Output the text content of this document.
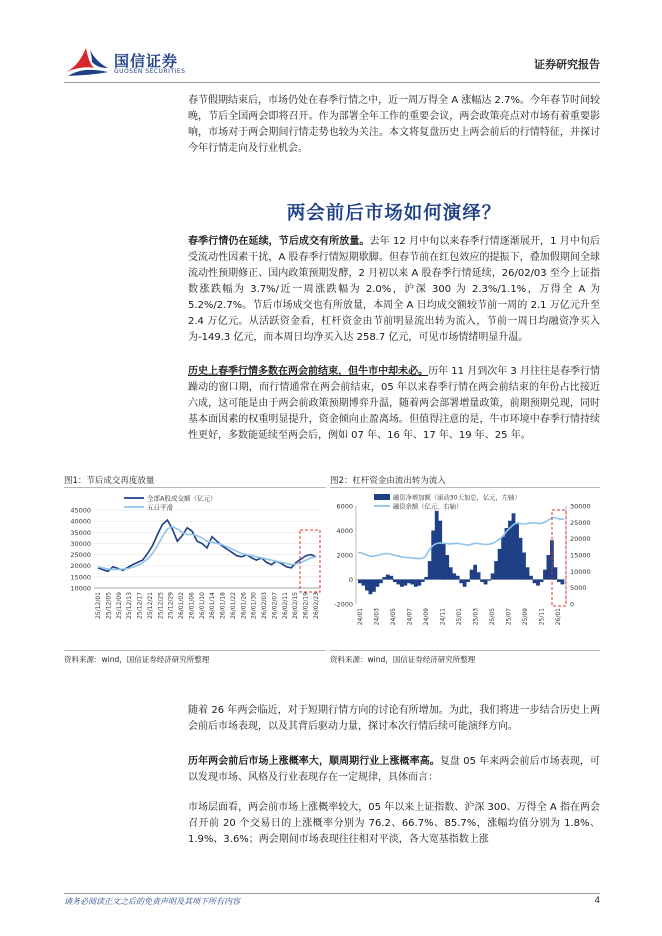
国信证券
GUOSEN SECURITIES
证券研究报告
春节假期结束后，市场仍处在春季行情之中，近一周万得全 A 涨幅达 2.7%。今年春节时间较晚，节后全国两会即将召开。作为部署全年工作的重要会议，两会政策亮点对市场有着重要影响，市场对于两会期间行情走势也较为关注。本文将复盘历史上两会前后的行情特征，并探讨今年行情走向及行业机会。
两会前后市场如何演绎？
春季行情仍在延续，节后成交有所放量。去年 12 月中旬以来春季行情逐渐展开，1 月中旬后受流动性因素干扰，A 股春季行情短期歇脚。但春节前在红包效应的提振下，叠加假期间全球流动性预期修正、国内政策预期发酵，2 月初以来 A 股春季行情延续，26/02/03 至今上证指数涨跌幅为 3.7%/近一周涨跌幅为 2.0%，沪深 300 为 2.3%/1.1%，万得全 A 为 5.2%/2.7%。节后市场成交也有所放量，本周全 A 日均成交额较节前一周的 2.1 万亿元升至 2.4 万亿元。从活跃资金看，杠杆资金由节前明显流出转为流入，节前一周日均融资净买入为-149.3 亿元，而本周日均净买入达 258.7 亿元，可见市场情绪明显升温。
历史上春季行情多数在两会前结束，但牛市中却未必。历年 11 月到次年 3 月往往是春季行情躁动的窗口期，而行情通常在两会前结束，05 年以来春季行情在两会前结束的年份占比接近六成，这可能是由于两会前政策预期博弈升温，随着两会部署增量政策，前期预期兑现，同时基本面因素的权重明显提升，资金倾向止盈离场。但值得注意的是，牛市环境中春季行情持续性更好，多数能延续至两会后，例如 07 年、16 年、17 年、19 年、25 年。
图1：节后成交再度放量
10000
15000
20000
25000
30000
35000
40000
45000
25/12/01 25/12/05 25/12/09 25/12/13 25/12/17 25/12/21 25/12/25 25/12/29 26/01/02 26/01/06 26/01/10 26/01/14 26/01/18 26/01/22 26/01/26 26/01/30 26/02/03 26/02/07 26/02/11 26/02/15 26/02/19 26/02/23
全部A股成交额（亿元）
五日平滑
资料来源：wind，国信证券经济研究所整理
图2：杠杆资金由流出转为流入
-2000
0
2000
4000
6000
0
5000
10000
15000
20000
25000
30000
24/01 24/03 24/05 24/07 24/09 24/11 25/01 25/03 25/05 25/07 25/09 25/11 26/01
融资净增加额（滚动30天加总，亿元，左轴）
融资余额（亿元，右轴）
资料来源：wind，国信证券经济研究所整理
随着 26 年两会临近，对于短期行情方向的讨论有所增加。为此，我们将进一步结合历史上两会前后市场表现，以及其背后驱动力量，探讨本次行情后续可能演绎方向。
历年两会前后市场上涨概率大，顺周期行业上涨概率高。复盘 05 年来两会前后市场表现，可以发现市场、风格及行业表现存在一定规律，具体而言：
市场层面看，两会前市场上涨概率较大，05 年以来上证指数、沪深 300、万得全 A 指在两会召开前 20 个交易日的上涨概率分别为 76.2、66.7%、85.7%，涨幅均值分别为 1.8%、1.9%、3.6%；两会期间市场表现往往相对平淡，各大宽基指数上涨
请务必阅读正文之后的免责声明及其项下所有内容	4
